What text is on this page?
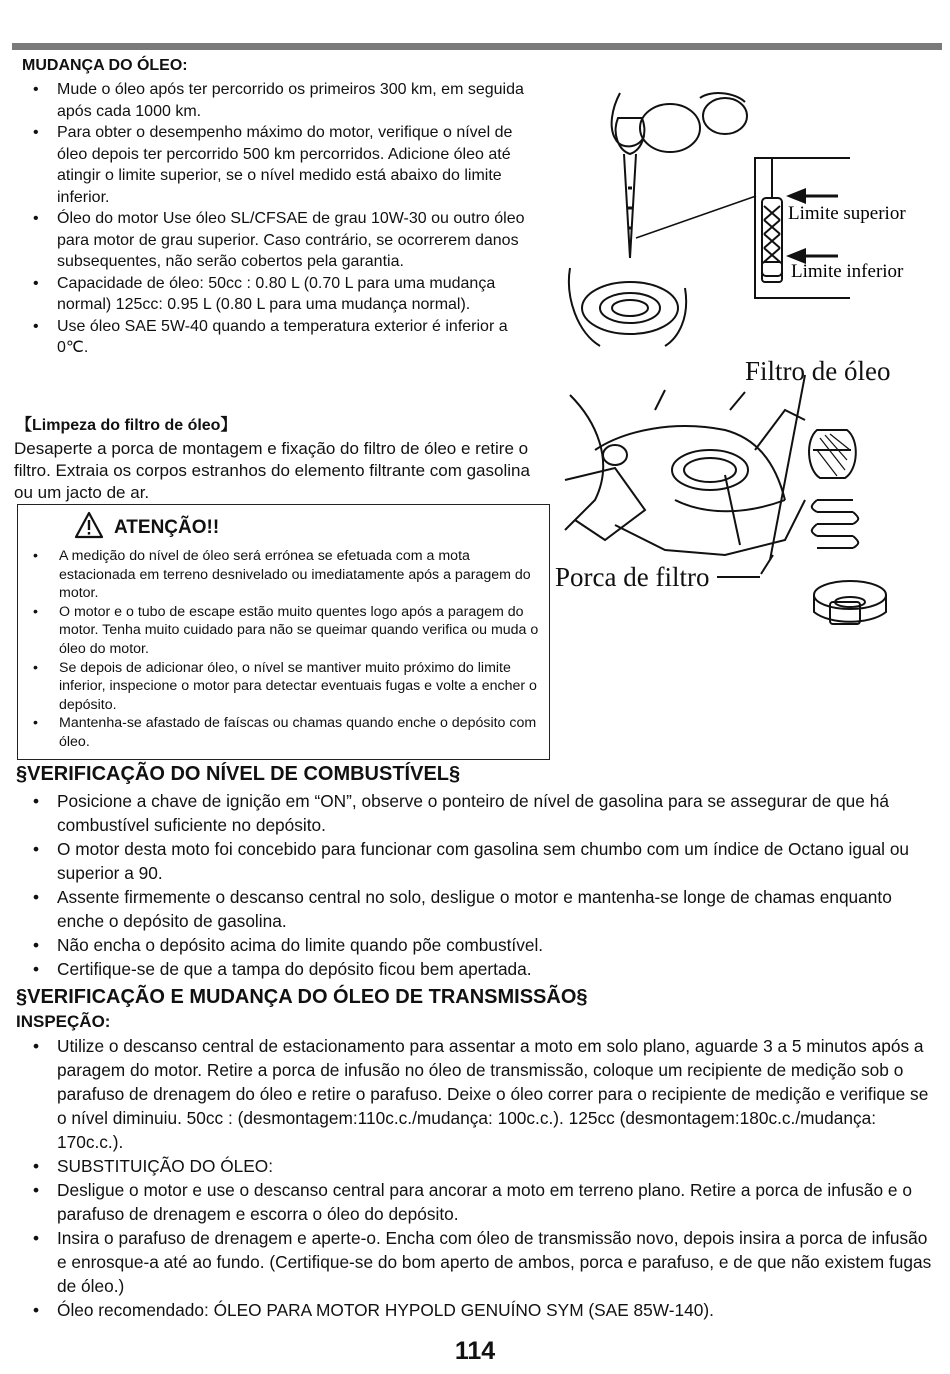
MUDANÇA DO ÓLEO:
• Mude o óleo após ter percorrido os primeiros 300 km, em seguida após cada 1000 km.
• Para obter o desempenho máximo do motor, verifique o nível de óleo depois ter percorrido 500 km percorridos. Adicione óleo até atingir o limite superior, se o nível medido está abaixo do limite inferior.
• Óleo do motor Use óleo SL/CFSAE de grau 10W-30 ou outro óleo para motor de grau superior. Caso contrário, se ocorrerem danos subsequentes, não serão cobertos pela garantia.
• Capacidade de óleo: 50cc : 0.80 L (0.70 L para uma mudança normal) 125cc: 0.95 L (0.80 L para uma mudança normal).
• Use óleo SAE 5W-40 quando a temperatura exterior é inferior a 0℃.
【Limpeza do filtro de óleo】
Desaperte a porca de montagem e fixação do filtro de óleo e retire o filtro. Extraia os corpos estranhos do elemento filtrante com gasolina ou um jacto de ar.
ATENÇÃO!!
• A medição do nível de óleo será errónea se efetuada com a mota estacionada em terreno desnivelado ou imediatamente após a paragem do motor.
• O motor e o tubo de escape estão muito quentes logo após a paragem do motor. Tenha muito cuidado para não se queimar quando verifica ou muda o óleo do motor.
• Se depois de adicionar óleo, o nível se mantiver muito próximo do limite inferior, inspecione o motor para detectar eventuais fugas e volte a encher o depósito.
• Mantenha-se afastado de faíscas ou chamas quando enche o depósito com óleo.
Limite superior
Limite inferior
Filtro de óleo
Porca de filtro
§VERIFICAÇÃO DO NÍVEL DE COMBUSTÍVEL§
• Posicione a chave de ignição em “ON”, observe o ponteiro de nível de gasolina para se assegurar de que há combustível suficiente no depósito.
• O motor desta moto foi concebido para funcionar com gasolina sem chumbo com um índice de Octano igual ou superior a 90.
• Assente firmemente o descanso central no solo, desligue o motor e mantenha-se longe de chamas enquanto enche o depósito de gasolina.
• Não encha o depósito acima do limite quando põe combustível.
• Certifique-se de que a tampa do depósito ficou bem apertada.
§VERIFICAÇÃO E MUDANÇA DO ÓLEO DE TRANSMISSÃO§
INSPEÇÃO:
• Utilize o descanso central de estacionamento para assentar a moto em solo plano, aguarde 3 a 5 minutos após a paragem do motor. Retire a porca de infusão no óleo de transmissão, coloque um recipiente de medição sob o parafuso de drenagem do óleo e retire o parafuso. Deixe o óleo correr para o recipiente de medição e verifique se o nível diminuiu. 50cc : (desmontagem:110c.c./mudança: 100c.c.). 125cc (desmontagem:180c.c./mudança: 170c.c.).
• SUBSTITUIÇÃO DO ÓLEO:
• Desligue o motor e use o descanso central para ancorar a moto em terreno plano. Retire a porca de infusão e o parafuso de drenagem e escorra o óleo do depósito.
• Insira o parafuso de drenagem e aperte-o. Encha com óleo de transmissão novo, depois insira a porca de infusão e enrosque-a até ao fundo. (Certifique-se do bom aperto de ambos, porca e parafuso, e de que não existem fugas de óleo.)
• Óleo recomendado: ÓLEO PARA MOTOR HYPOLD GENUÍNO SYM (SAE 85W-140).
114
